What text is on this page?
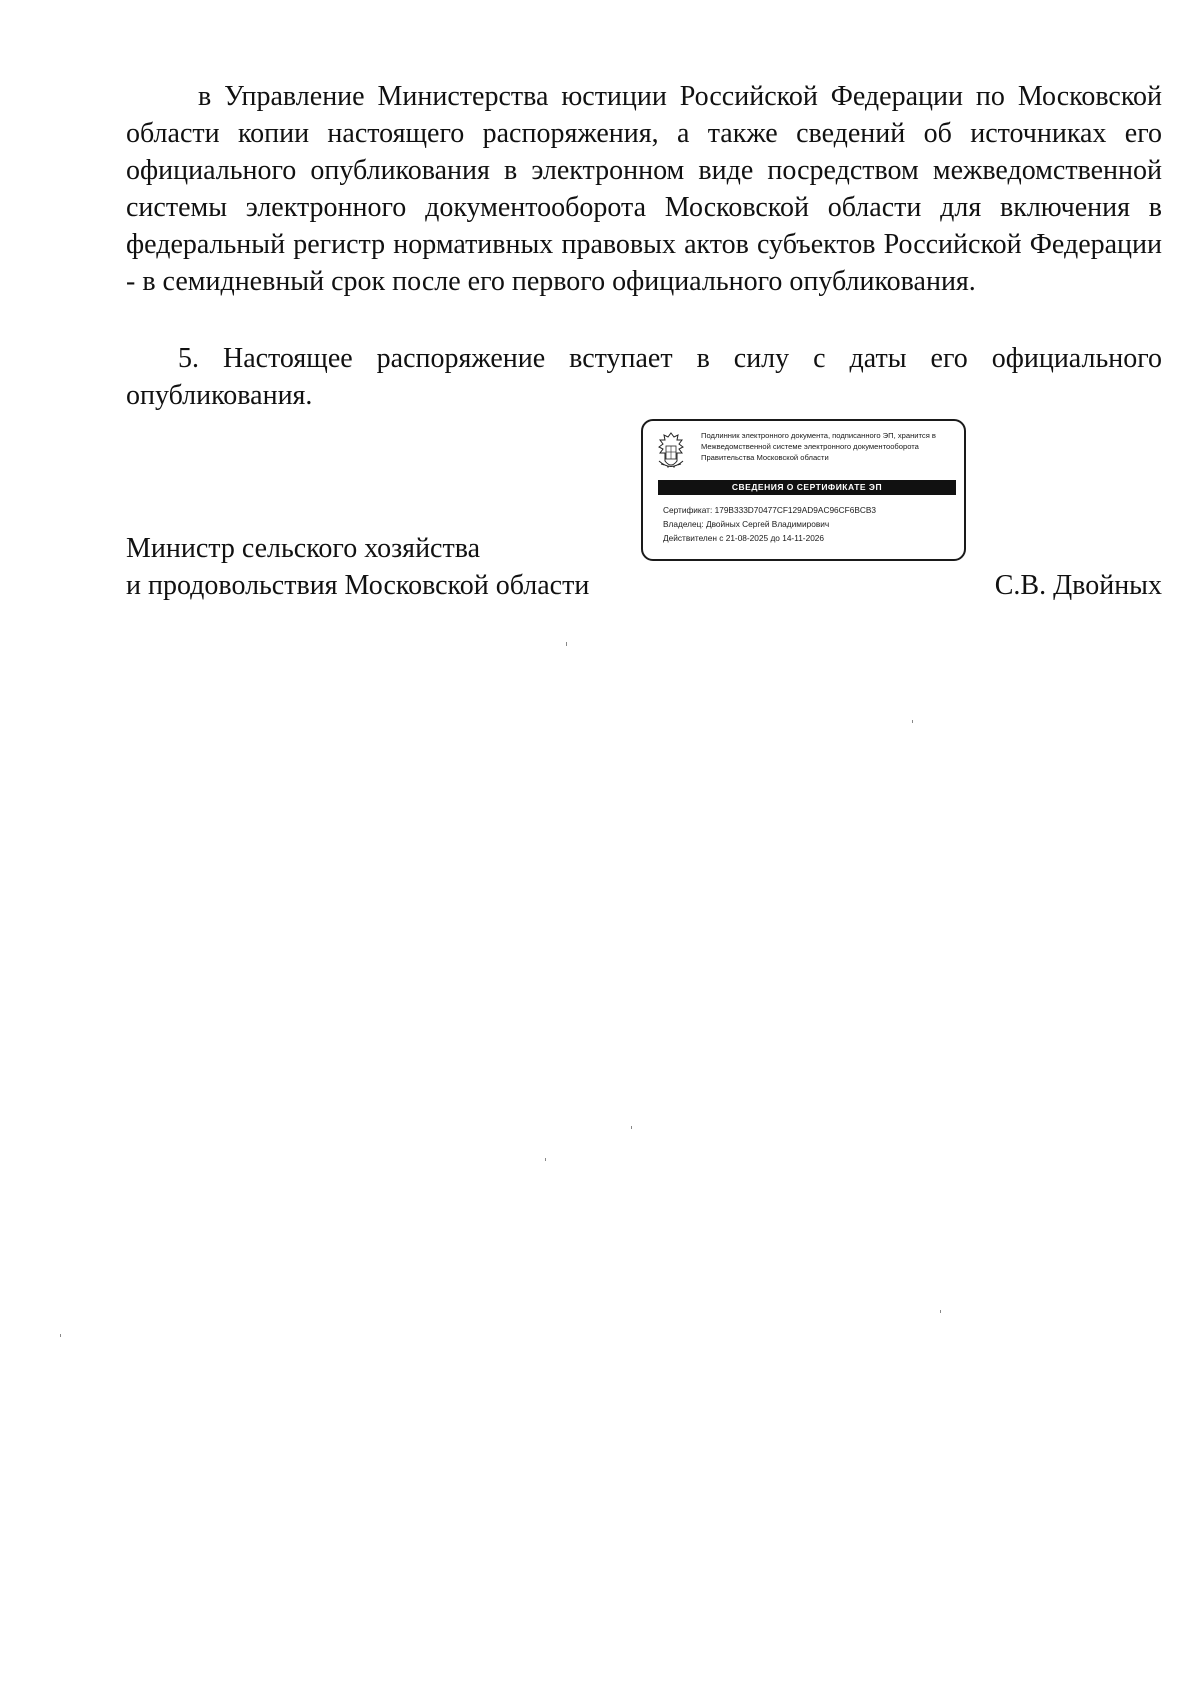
в Управление Министерства юстиции Российской Федерации по Московской области копии настоящего распоряжения, а также сведений об источниках его официального опубликования в электронном виде посредством межведомственной системы электронного документооборота Московской области для включения в федеральный регистр нормативных правовых актов субъектов Российской Федерации - в семидневный срок после его первого официального опубликования.

5. Настоящее распоряжение вступает в силу с даты его официального опубликования.

Подлинник электронного документа, подписанного ЭП, хранится в Межведомственной системе электронного документооборота Правительства Московской области
СВЕДЕНИЯ О СЕРТИФИКАТЕ ЭП
Сертификат: 179B333D70477CF129AD9AC96CF6BCB3
Владелец: Двойных Сергей Владимирович
Действителен с 21-08-2025 до 14-11-2026
Министр сельского хозяйства
и продовольствия Московской области	С.В. Двойных
